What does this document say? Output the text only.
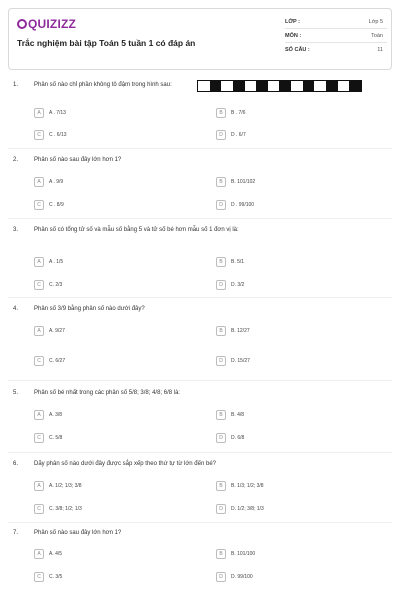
QUIZIZZ
Trắc nghiệm bài tập Toán 5 tuần 1 có đáp án
LỚP :	Lớp 5
MÔN :	Toán
SỐ CÂU :	11
1.	Phân số nào chỉ phần không tô đậm trong hình sau:
A	A . 7/13	B	B . 7/6
C	C . 6/13	D	D . 6/7
2.	Phân số nào sau đây lớn hơn 1?
A	A . 9/9	B	B. 101/102
C	C . 8/9	D	D . 99/100
3.	Phân số có tổng tử số và mẫu số bằng 5 và tử số bé hơn mẫu số 1 đơn vị là:
A	A . 1/5	B	B. 5/1
C	C. 2/3	D	D. 3/2
4.	Phân số 3/9 bằng phân số nào dưới đây?
A	A. 9/27	B	B. 12/27
C	C. 6/27	D	D. 15/27
5.	Phân số bé nhất trong các phân số 5/8; 3/8; 4/8; 6/8 là:
A	A. 3/8	B	B. 4/8
C	C. 5/8	D	D. 6/8
6.	Dãy phân số nào dưới đây được sắp xếp theo thứ tự từ lớn đến bé?
A	A. 1/2; 1/3; 3/8	B	B. 1/3; 1/2; 3/8
C	C. 3/8; 1/2; 1/3	D	D. 1/2; 3/8; 1/3
7.	Phân số nào sau đây lớn hơn 1?
A	A. 4/5	B	B. 101/100
C	C. 3/5	D	D. 99/100
